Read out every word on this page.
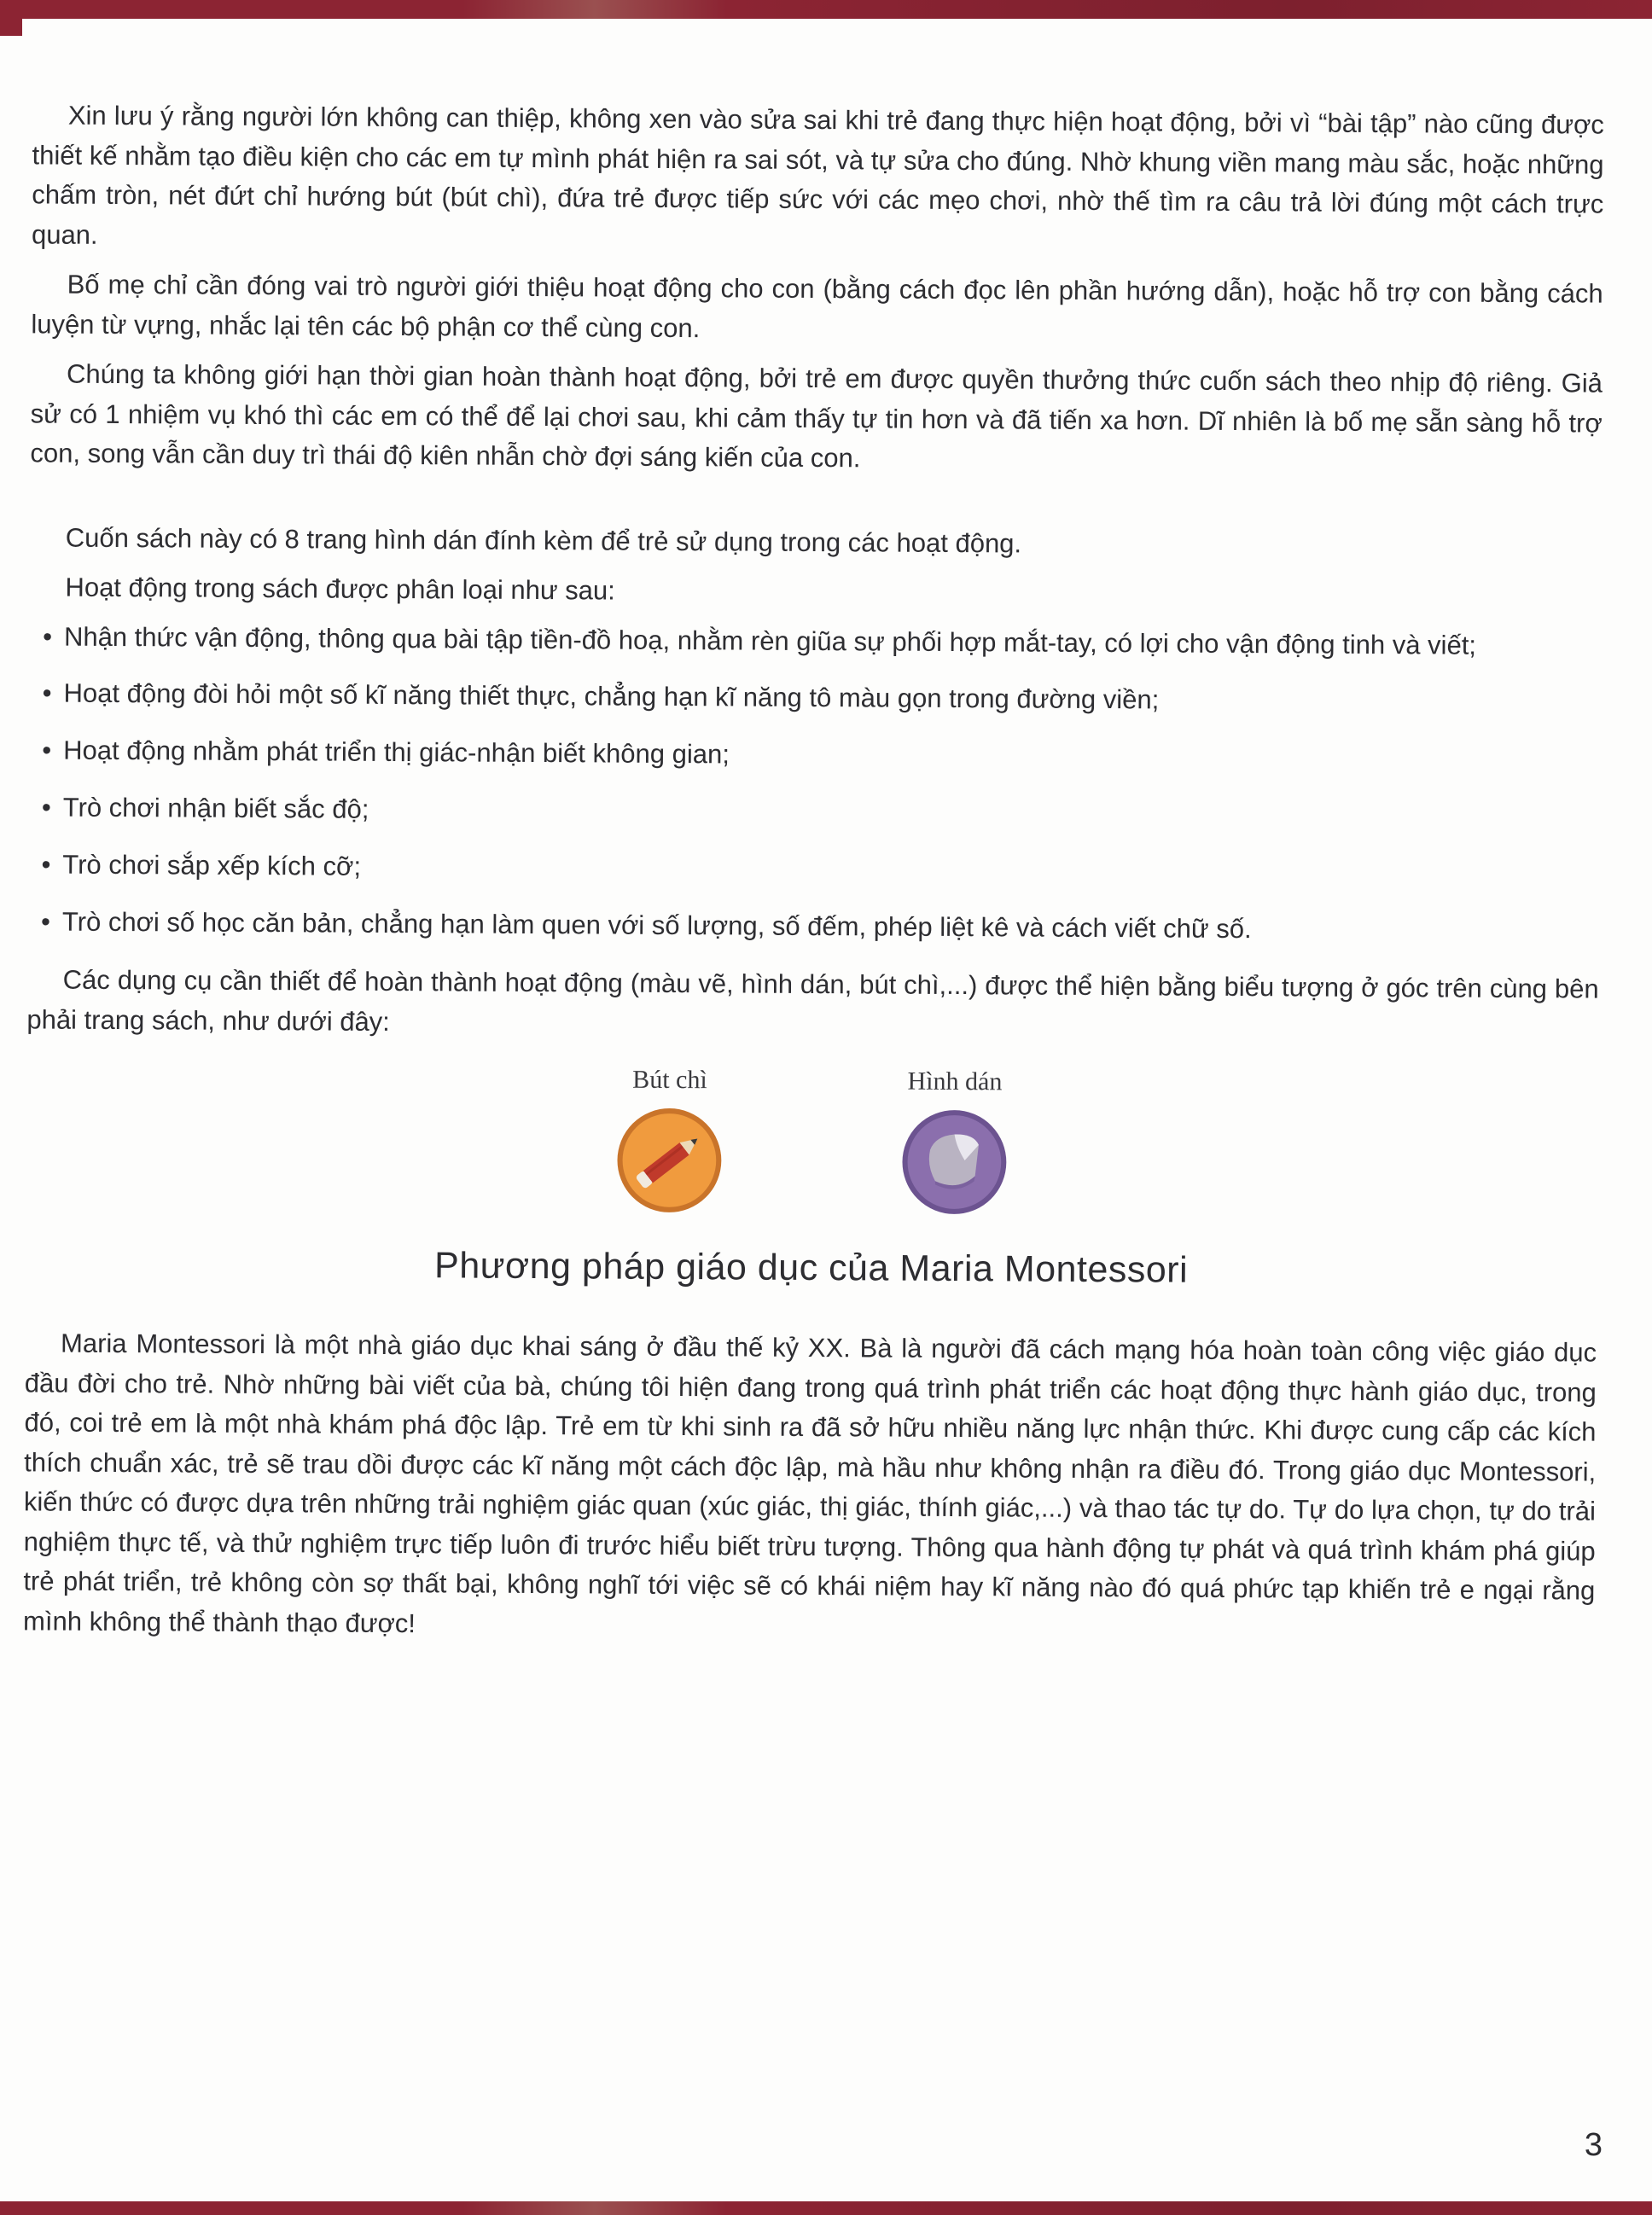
Xin lưu ý rằng người lớn không can thiệp, không xen vào sửa sai khi trẻ đang thực hiện hoạt động, bởi vì “bài tập” nào cũng được thiết kế nhằm tạo điều kiện cho các em tự mình phát hiện ra sai sót, và tự sửa cho đúng. Nhờ khung viền mang màu sắc, hoặc những chấm tròn, nét đứt chỉ hướng bút (bút chì), đứa trẻ được tiếp sức với các mẹo chơi, nhờ thế tìm ra câu trả lời đúng một cách trực quan.

Bố mẹ chỉ cần đóng vai trò người giới thiệu hoạt động cho con (bằng cách đọc lên phần hướng dẫn), hoặc hỗ trợ con bằng cách luyện từ vựng, nhắc lại tên các bộ phận cơ thể cùng con.

Chúng ta không giới hạn thời gian hoàn thành hoạt động, bởi trẻ em được quyền thưởng thức cuốn sách theo nhịp độ riêng. Giả sử có 1 nhiệm vụ khó thì các em có thể để lại chơi sau, khi cảm thấy tự tin hơn và đã tiến xa hơn. Dĩ nhiên là bố mẹ sẵn sàng hỗ trợ con, song vẫn cần duy trì thái độ kiên nhẫn chờ đợi sáng kiến của con.

Cuốn sách này có 8 trang hình dán đính kèm để trẻ sử dụng trong các hoạt động.

Hoạt động trong sách được phân loại như sau:

• Nhận thức vận động, thông qua bài tập tiền-đồ hoạ, nhằm rèn giũa sự phối hợp mắt-tay, có lợi cho vận động tinh và viết;
• Hoạt động đòi hỏi một số kĩ năng thiết thực, chẳng hạn kĩ năng tô màu gọn trong đường viền;
• Hoạt động nhằm phát triển thị giác-nhận biết không gian;
• Trò chơi nhận biết sắc độ;
• Trò chơi sắp xếp kích cỡ;
• Trò chơi số học căn bản, chẳng hạn làm quen với số lượng, số đếm, phép liệt kê và cách viết chữ số.

Các dụng cụ cần thiết để hoàn thành hoạt động (màu vẽ, hình dán, bút chì,...) được thể hiện bằng biểu tượng ở góc trên cùng bên phải trang sách, như dưới đây:

Bút chì	Hình dán
Phương pháp giáo dục của Maria Montessori

Maria Montessori là một nhà giáo dục khai sáng ở đầu thế kỷ XX. Bà là người đã cách mạng hóa hoàn toàn công việc giáo dục đầu đời cho trẻ. Nhờ những bài viết của bà, chúng tôi hiện đang trong quá trình phát triển các hoạt động thực hành giáo dục, trong đó, coi trẻ em là một nhà khám phá độc lập. Trẻ em từ khi sinh ra đã sở hữu nhiều năng lực nhận thức. Khi được cung cấp các kích thích chuẩn xác, trẻ sẽ trau dồi được các kĩ năng một cách độc lập, mà hầu như không nhận ra điều đó. Trong giáo dục Montessori, kiến thức có được dựa trên những trải nghiệm giác quan (xúc giác, thị giác, thính giác,...) và thao tác tự do. Tự do lựa chọn, tự do trải nghiệm thực tế, và thử nghiệm trực tiếp luôn đi trước hiểu biết trừu tượng. Thông qua hành động tự phát và quá trình khám phá giúp trẻ phát triển, trẻ không còn sợ thất bại, không nghĩ tới việc sẽ có khái niệm hay kĩ năng nào đó quá phức tạp khiến trẻ e ngại rằng mình không thể thành thạo được!

3
